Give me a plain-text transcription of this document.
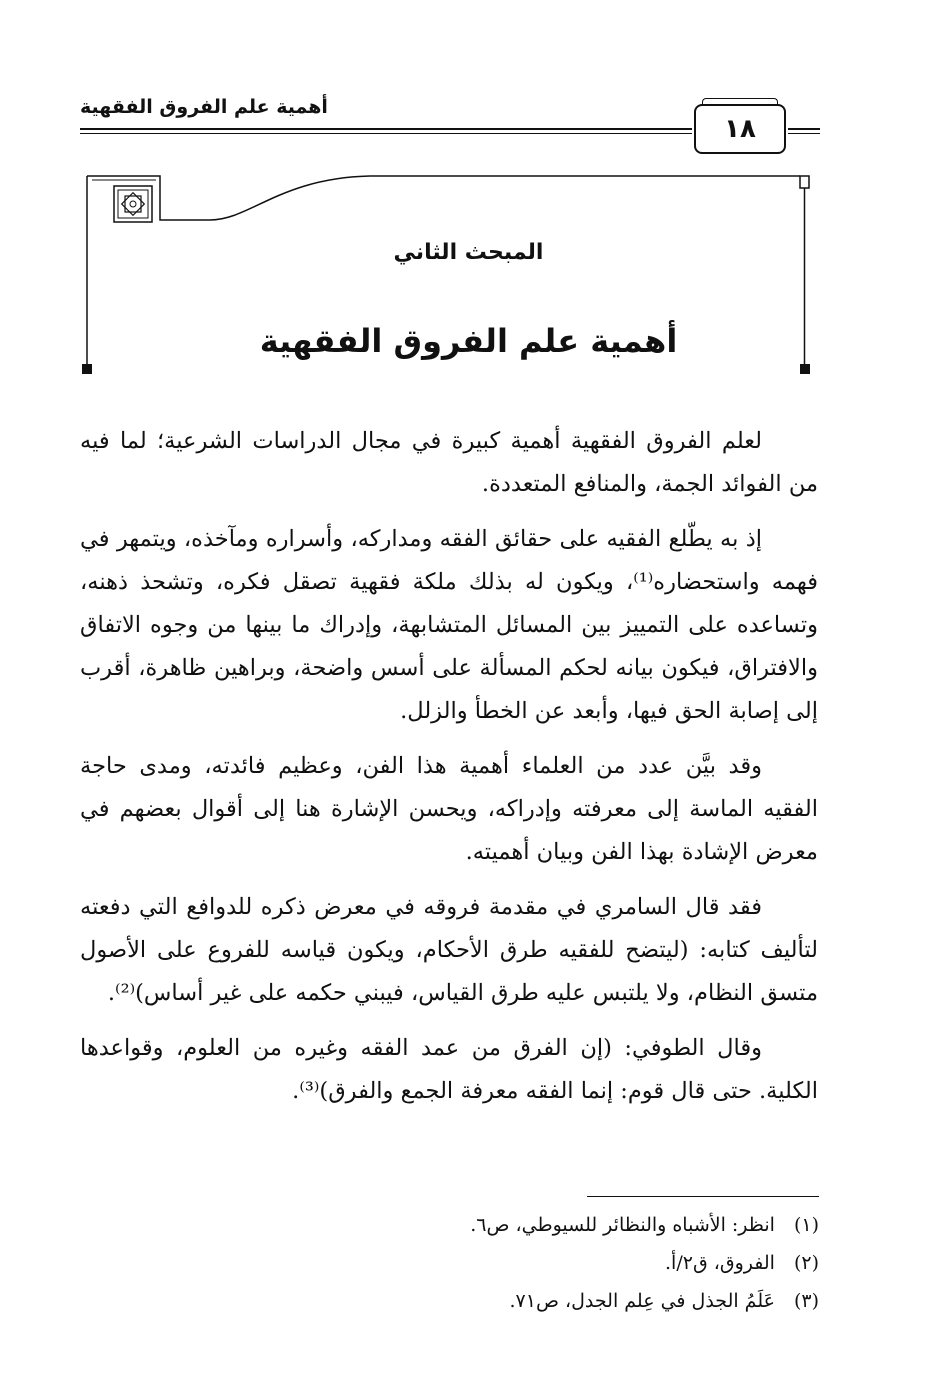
أهمية علم الفروق الفقهية
١٨
المبحث الثاني
أهمية علم الفروق الفقهية

لعلم الفروق الفقهية أهمية كبيرة في مجال الدراسات الشرعية؛ لما فيه من الفوائد الجمة، والمنافع المتعددة.

إذ به يطّلع الفقيه على حقائق الفقه ومداركه، وأسراره ومآخذه، ويتمهر في فهمه واستحضاره⁽¹⁾، ويكون له بذلك ملكة فقهية تصقل فكره، وتشحذ ذهنه، وتساعده على التمييز بين المسائل المتشابهة، وإدراك ما بينها من وجوه الاتفاق والافتراق، فيكون بيانه لحكم المسألة على أسس واضحة، وبراهين ظاهرة، أقرب إلى إصابة الحق فيها، وأبعد عن الخطأ والزلل.

وقد بيَّن عدد من العلماء أهمية هذا الفن، وعظيم فائدته، ومدى حاجة الفقيه الماسة إلى معرفته وإدراكه، ويحسن الإشارة هنا إلى أقوال بعضهم في معرض الإشادة بهذا الفن وبيان أهميته.

فقد قال السامري في مقدمة فروقه في معرض ذكره للدوافع التي دفعته لتأليف كتابه: (ليتضح للفقيه طرق الأحكام، ويكون قياسه للفروع على الأصول متسق النظام، ولا يلتبس عليه طرق القياس، فيبني حكمه على غير أساس)⁽²⁾.

وقال الطوفي: (إن الفرق من عمد الفقه وغيره من العلوم، وقواعدها الكلية. حتى قال قوم: إنما الفقه معرفة الجمع والفرق)⁽³⁾.

(١) انظر: الأشباه والنظائر للسيوطي، ص٦.
(٢) الفروق، ق٢/أ.
(٣) عَلَمُ الجذل في عِلم الجدل، ص٧١.
